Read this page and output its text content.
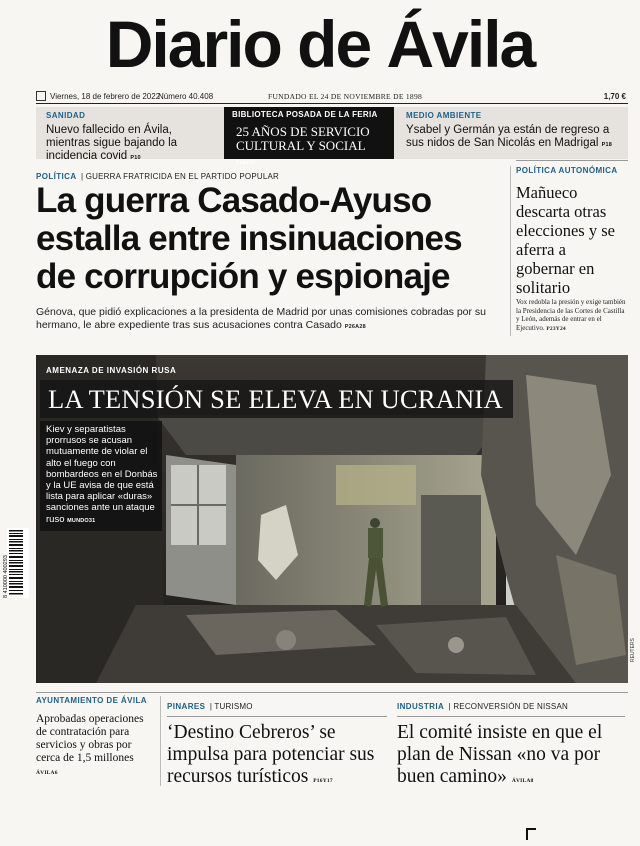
Diario de Ávila
Viernes, 18 de febrero de 2022
Número 40.408	FUNDADO EL 24 DE NOVIEMBRE DE 1898	1,70 €
SANIDAD
Nuevo fallecido en Ávila, mientras sigue bajando la incidencia covid P10
BIBLIOTECA POSADA DE LA FERIA
25 AÑOS DE SERVICIO CULTURAL Y SOCIAL P14Y15
MEDIO AMBIENTE
Ysabel y Germán ya están de regreso a sus nidos de San Nicolás en Madrigal P18
POLÍTICA | GUERRA FRATRICIDA EN EL PARTIDO POPULAR
La guerra Casado-Ayuso
estalla entre insinuaciones
de corrupción y espionaje
Génova, que pidió explicaciones a la presidenta de Madrid por unas comisiones cobradas por su hermano, le abre expediente tras sus acusaciones contra Casado P26A28
POLÍTICA AUTONÓMICA
Mañueco descarta otras elecciones y se aferra a gobernar en solitario
Vox redobla la presión y exige también la Presidencia de las Cortes de Castilla y León, además de entrar en el Ejecutivo. P23Y24
AMENAZA DE INVASIÓN RUSA
LA TENSIÓN SE ELEVA EN UCRANIA
Kiev y separatistas prorrusos se acusan mutuamente de violar el alto el fuego con bombardeos en el Donbás y la UE avisa de que está lista para aplicar «duras» sanciones ante un ataque ruso MUNDO31
REUTERS
8 410000 400293
AYUNTAMIENTO DE ÁVILA
Aprobadas operaciones de contratación para servicios y obras por cerca de 1,5 millones ÁVILA6
PINARES | TURISMO
‘Destino Cebreros’ se impulsa para potenciar sus recursos turísticos P16Y17
INDUSTRIA | RECONVERSIÓN DE NISSAN
El comité insiste en que el plan de Nissan «no va por buen camino» ÁVILA8
